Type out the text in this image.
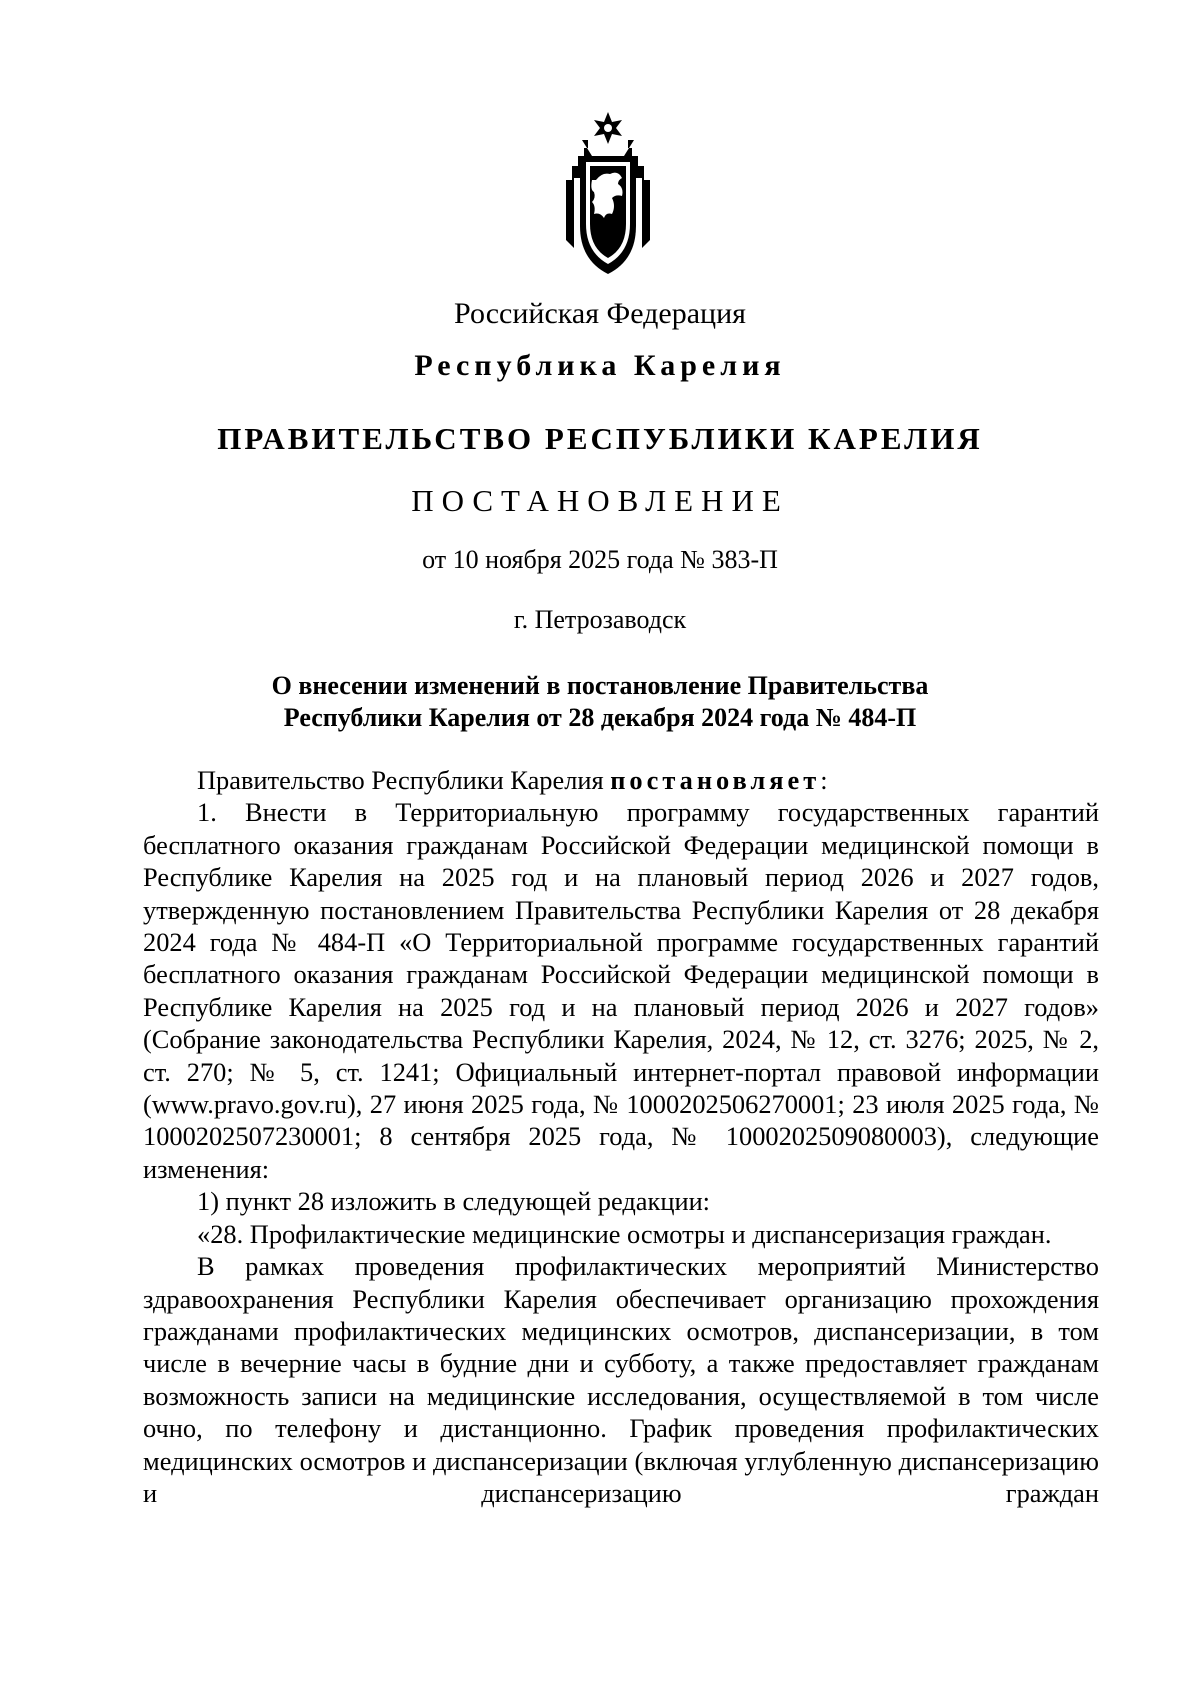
Российская Федерация
Республика Карелия
ПРАВИТЕЛЬСТВО РЕСПУБЛИКИ КАРЕЛИЯ
ПОСТАНОВЛЕНИЕ
от 10 ноября 2025 года № 383-П
г. Петрозаводск
О внесении изменений в постановление Правительства
Республики Карелия от 28 декабря 2024 года № 484-П

Правительство Республики Карелия постановляет:

1. Внести в Территориальную программу государственных гарантий бесплатного оказания гражданам Российской Федерации медицинской помощи в Республике Карелия на 2025 год и на плановый период 2026 и 2027 годов, утвержденную постановлением Правительства Республики Карелия от 28 декабря 2024 года № 484-П «О Территориальной программе государственных гарантий бесплатного оказания гражданам Российской Федерации медицинской помощи в Республике Карелия на 2025 год и на плановый период 2026 и 2027 годов» (Собрание законодательства Республики Карелия, 2024, № 12, ст. 3276; 2025, № 2, ст. 270; № 5, ст. 1241; Официальный интернет-портал правовой информации (www.pravo.gov.ru), 27 июня 2025 года, № 1000202506270001; 23 июля 2025 года, № 1000202507230001; 8 сентября 2025 года, № 1000202509080003), следующие изменения:

1) пункт 28 изложить в следующей редакции:

«28. Профилактические медицинские осмотры и диспансеризация граждан.

В рамках проведения профилактических мероприятий Министерство здравоохранения Республики Карелия обеспечивает организацию прохождения гражданами профилактических медицинских осмотров, диспансеризации, в том числе в вечерние часы в будние дни и субботу, а также предоставляет гражданам возможность записи на медицинские исследования, осуществляемой в том числе очно, по телефону и дистанционно. График проведения профилактических медицинских осмотров и диспансеризации (включая углубленную диспансеризацию и диспансеризацию граждан
